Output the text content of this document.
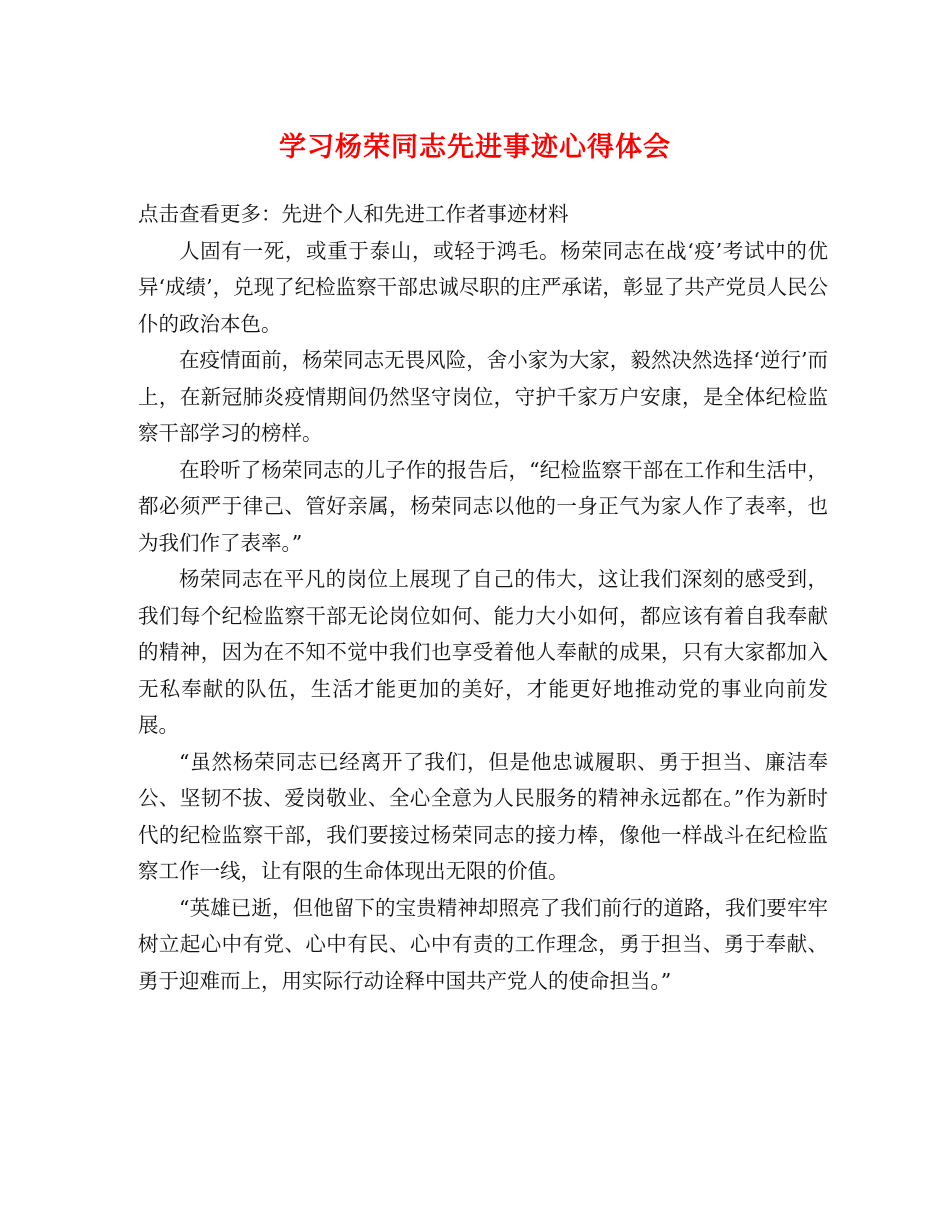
学习杨荣同志先进事迹心得体会

点击查看更多：先进个人和先进工作者事迹材料

人固有一死，或重于泰山，或轻于鸿毛。杨荣同志在战‘疫’考试中的优异‘成绩’，兑现了纪检监察干部忠诚尽职的庄严承诺，彰显了共产党员人民公仆的政治本色。

在疫情面前，杨荣同志无畏风险，舍小家为大家，毅然决然选择‘逆行’而上，在新冠肺炎疫情期间仍然坚守岗位，守护千家万户安康，是全体纪检监察干部学习的榜样。

在聆听了杨荣同志的儿子作的报告后，“纪检监察干部在工作和生活中，都必须严于律己、管好亲属，杨荣同志以他的一身正气为家人作了表率，也为我们作了表率。”

杨荣同志在平凡的岗位上展现了自己的伟大，这让我们深刻的感受到，我们每个纪检监察干部无论岗位如何、能力大小如何，都应该有着自我奉献的精神，因为在不知不觉中我们也享受着他人奉献的成果，只有大家都加入无私奉献的队伍，生活才能更加的美好，才能更好地推动党的事业向前发展。

“虽然杨荣同志已经离开了我们，但是他忠诚履职、勇于担当、廉洁奉公、坚韧不拔、爱岗敬业、全心全意为人民服务的精神永远都在。”作为新时代的纪检监察干部，我们要接过杨荣同志的接力棒，像他一样战斗在纪检监察工作一线，让有限的生命体现出无限的价值。

“英雄已逝，但他留下的宝贵精神却照亮了我们前行的道路，我们要牢牢树立起心中有党、心中有民、心中有责的工作理念，勇于担当、勇于奉献、勇于迎难而上，用实际行动诠释中国共产党人的使命担当。”
